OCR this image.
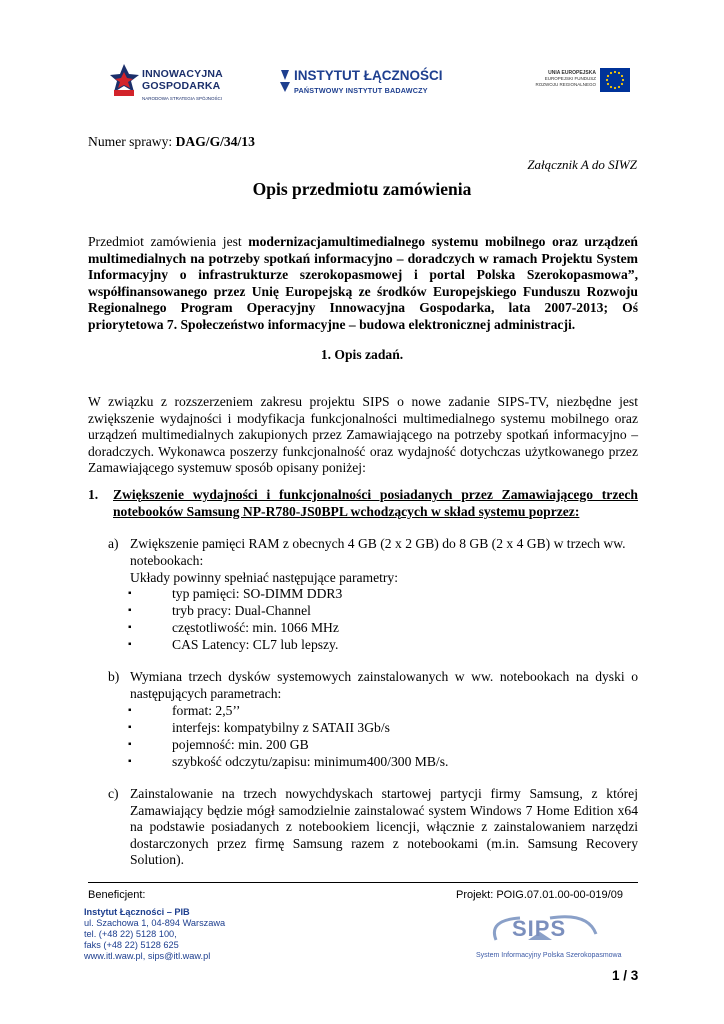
INNOWACYJNA
GOSPODARKA
NARODOWA STRATEGIA SPÓJNOŚCI
INSTYTUT ŁĄCZNOŚCI
PAŃSTWOWY INSTYTUT BADAWCZY
UNIA EUROPEJSKA
EUROPEJSKI FUNDUSZ
ROZWOJU REGIONALNEGO
Numer sprawy: DAG/G/34/13
Załącznik A do SIWZ
Opis przedmiotu zamówienia
Przedmiot zamówienia jest modernizacjamultimedialnego systemu mobilnego oraz urządzeń multimedialnych na potrzeby spotkań informacyjno – doradczych w ramach Projektu System Informacyjny o infrastrukturze szerokopasmowej i portal Polska Szerokopasmowa”, współfinansowanego przez Unię Europejską ze środków Europejskiego Funduszu Rozwoju Regionalnego Program Operacyjny Innowacyjna Gospodarka, lata 2007-2013; Oś priorytetowa 7. Społeczeństwo informacyjne – budowa elektronicznej administracji.
1. Opis zadań.
W związku z rozszerzeniem zakresu projektu SIPS o nowe zadanie SIPS-TV, niezbędne jest zwiększenie wydajności i modyfikacja funkcjonalności multimedialnego systemu mobilnego oraz urządzeń multimedialnych zakupionych przez Zamawiającego na potrzeby spotkań informacyjno – doradczych. Wykonawca poszerzy funkcjonalność oraz wydajność dotychczas użytkowanego przez Zamawiającego systemuw sposób opisany poniżej:
1. Zwiększenie wydajności i funkcjonalności posiadanych przez Zamawiającego trzech notebooków Samsung NP-R780-JS0BPL wchodzących w skład systemu poprzez:
a) Zwiększenie pamięci RAM z obecnych 4 GB (2 x 2 GB) do 8 GB (2 x 4 GB) w trzech ww.
notebookach:
Układy powinny spełniać następujące parametry:
▪	typ pamięci: SO-DIMM DDR3
▪	tryb pracy: Dual-Channel
▪	częstotliwość: min. 1066 MHz
▪	CAS Latency: CL7 lub lepszy.
b) Wymiana trzech dysków systemowych zainstalowanych w ww. notebookach na dyski o następujących parametrach:
▪	format: 2,5’’
▪	interfejs: kompatybilny z SATAII 3Gb/s
▪	pojemność: min. 200 GB
▪	szybkość odczytu/zapisu: minimum400/300 MB/s.
c) Zainstalowanie na trzech nowychdyskach startowej partycji firmy Samsung, z której Zamawiający będzie mógł samodzielnie zainstalować system Windows 7 Home Edition x64 na podstawie posiadanych z notebookiem licencji, włącznie z zainstalowaniem narzędzi dostarczonych przez firmę Samsung razem z notebookami (m.in. Samsung Recovery Solution).
Beneficjent:	Projekt: POIG.07.01.00-00-019/09
Instytut Łączności – PIB
ul. Szachowa 1, 04-894 Warszawa
tel. (+48 22) 5128 100,
faks (+48 22) 5128 625
www.itl.waw.pl, sips@itl.waw.pl
SIPS
System Informacyjny Polska Szerokopasmowa
1 / 3
